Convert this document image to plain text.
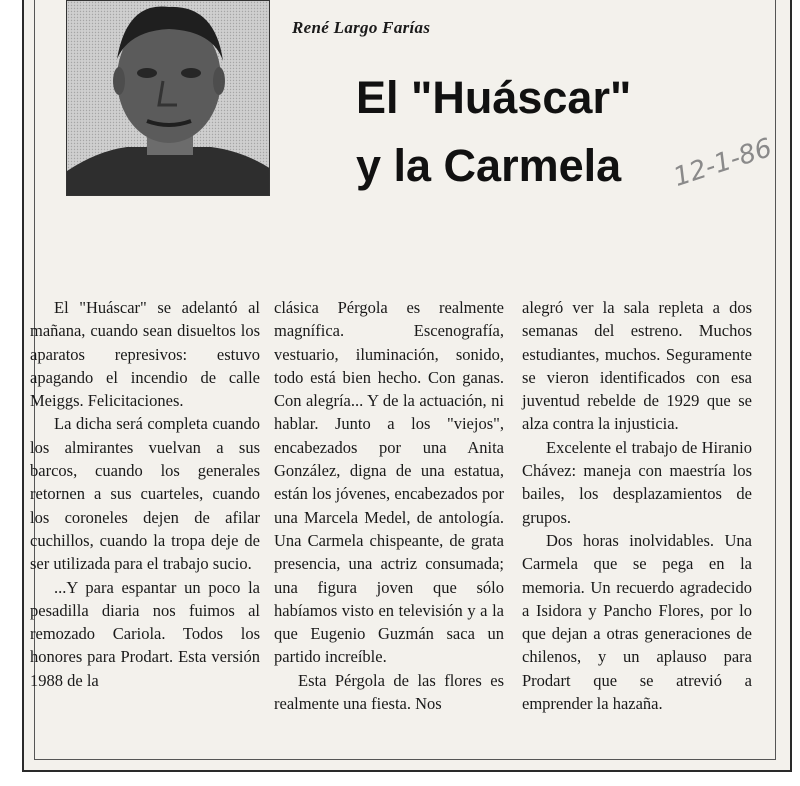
René Largo Farías
El "Huáscar"
y la Carmela	12-1-86

El "Huáscar" se adelantó al mañana, cuando sean disueltos los aparatos represivos: estuvo apagando el incendio de calle Meiggs. Felicitaciones.

La dicha será completa cuando los almirantes vuelvan a sus barcos, cuando los generales retornen a sus cuarteles, cuando los coroneles dejen de afilar cuchillos, cuando la tropa deje de ser utilizada para el trabajo sucio.

...Y para espantar un poco la pesadilla diaria nos fuimos al remozado Cariola. Todos los honores para Prodart. Esta versión 1988 de la

clásica Pérgola es realmente magnífica. Escenografía, vestuario, iluminación, sonido, todo está bien hecho. Con ganas. Con alegría... Y de la actuación, ni hablar. Junto a los "viejos", encabezados por una Anita González, digna de una estatua, están los jóvenes, encabezados por una Marcela Medel, de antología. Una Carmela chispeante, de grata presencia, una actriz consumada; una figura joven que sólo habíamos visto en televisión y a la que Eugenio Guzmán saca un partido increíble.

Esta Pérgola de las flores es realmente una fiesta. Nos

alegró ver la sala repleta a dos semanas del estreno. Muchos estudiantes, muchos. Seguramente se vieron identificados con esa juventud rebelde de 1929 que se alza contra la injusticia.

Excelente el trabajo de Hiranio Chávez: maneja con maestría los bailes, los desplazamientos de grupos.

Dos horas inolvidables. Una Carmela que se pega en la memoria. Un recuerdo agradecido a Isidora y Pancho Flores, por lo que dejan a otras generaciones de chilenos, y un aplauso para Prodart que se atrevió a emprender la hazaña.
